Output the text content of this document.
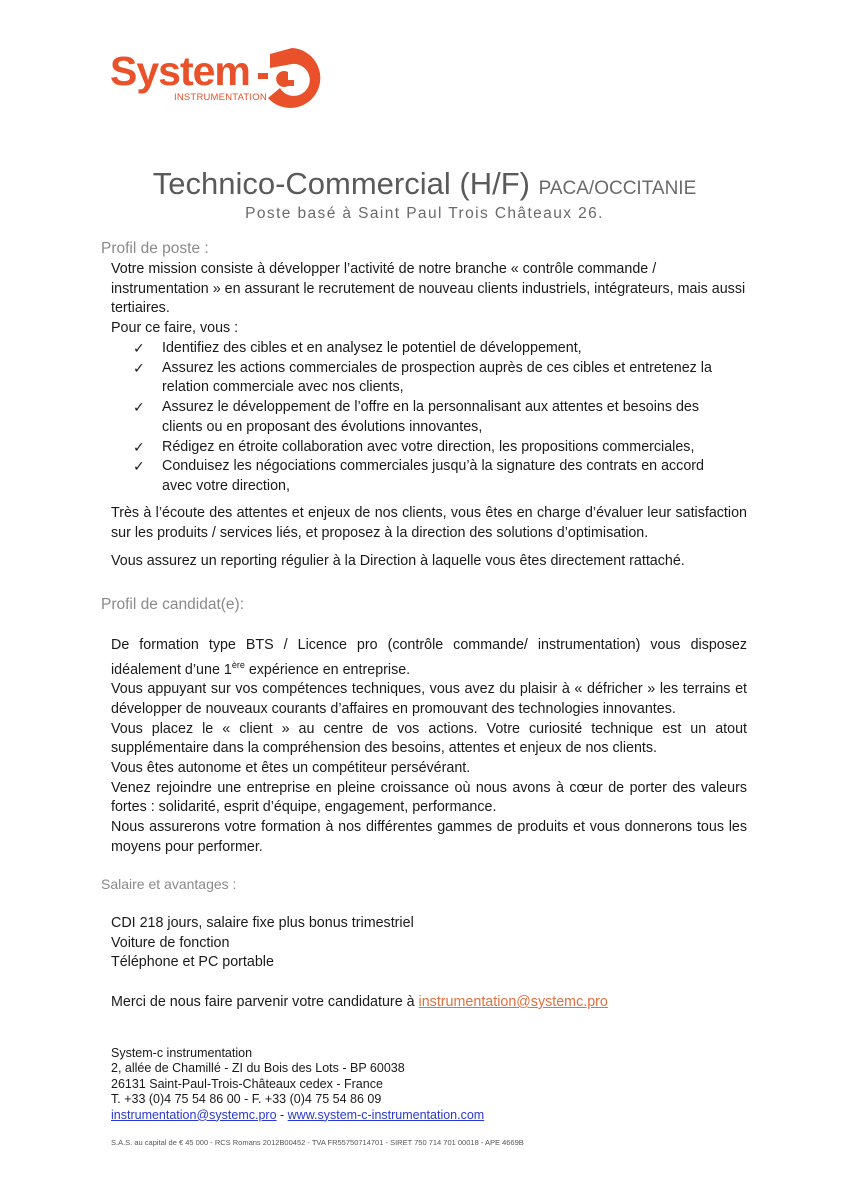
System
INSTRUMENTATION
Technico-Commercial (H/F) PACA/OCCITANIE
Poste basé à Saint Paul Trois Châteaux 26.
Profil de poste :
Votre mission consiste à développer l’activité de notre branche « contrôle commande / instrumentation » en assurant le recrutement de nouveau clients industriels, intégrateurs, mais aussi tertiaires.
Pour ce faire, vous :
✓ Identifiez des cibles et en analysez le potentiel de développement,
✓ Assurez les actions commerciales de prospection auprès de ces cibles et entretenez la relation commerciale avec nos clients,
✓ Assurez le développement de l’offre en la personnalisant aux attentes et besoins des clients ou en proposant des évolutions innovantes,
✓ Rédigez en étroite collaboration avec votre direction, les propositions commerciales,
✓ Conduisez les négociations commerciales jusqu’à la signature des contrats en accord avec votre direction,
Très à l’écoute des attentes et enjeux de nos clients, vous êtes en charge d’évaluer leur satisfaction sur les produits / services liés, et proposez à la direction des solutions d’optimisation.
Vous assurez un reporting régulier à la Direction à laquelle vous êtes directement rattaché.
Profil de candidat(e):

De formation type BTS / Licence pro (contrôle commande/ instrumentation) vous disposez idéalement d’une 1ère expérience en entreprise.

Vous appuyant sur vos compétences techniques, vous avez du plaisir à « défricher » les terrains et développer de nouveaux courants d’affaires en promouvant des technologies innovantes.

Vous placez le « client » au centre de vos actions. Votre curiosité technique est un atout supplémentaire dans la compréhension des besoins, attentes et enjeux de nos clients.

Vous êtes autonome et êtes un compétiteur persévérant.

Venez rejoindre une entreprise en pleine croissance où nous avons à cœur de porter des valeurs fortes : solidarité, esprit d’équipe, engagement, performance.

Nous assurerons votre formation à nos différentes gammes de produits et vous donnerons tous les moyens pour performer.

Salaire et avantages :

CDI 218 jours, salaire fixe plus bonus trimestriel

Voiture de fonction

Téléphone et PC portable

Merci de nous faire parvenir votre candidature à instrumentation@systemc.pro
System-c instrumentation
2, allée de Chamillé - ZI du Bois des Lots - BP 60038
26131 Saint-Paul-Trois-Châteaux cedex - France
T. +33 (0)4 75 54 86 00 - F. +33 (0)4 75 54 86 09
instrumentation@systemc.pro - www.system-c-instrumentation.com
S.A.S. au capital de € 45 000 - RCS Romans 2012B00452 - TVA FR55750714701 - SIRET 750 714 701 00018 - APE 4669B
